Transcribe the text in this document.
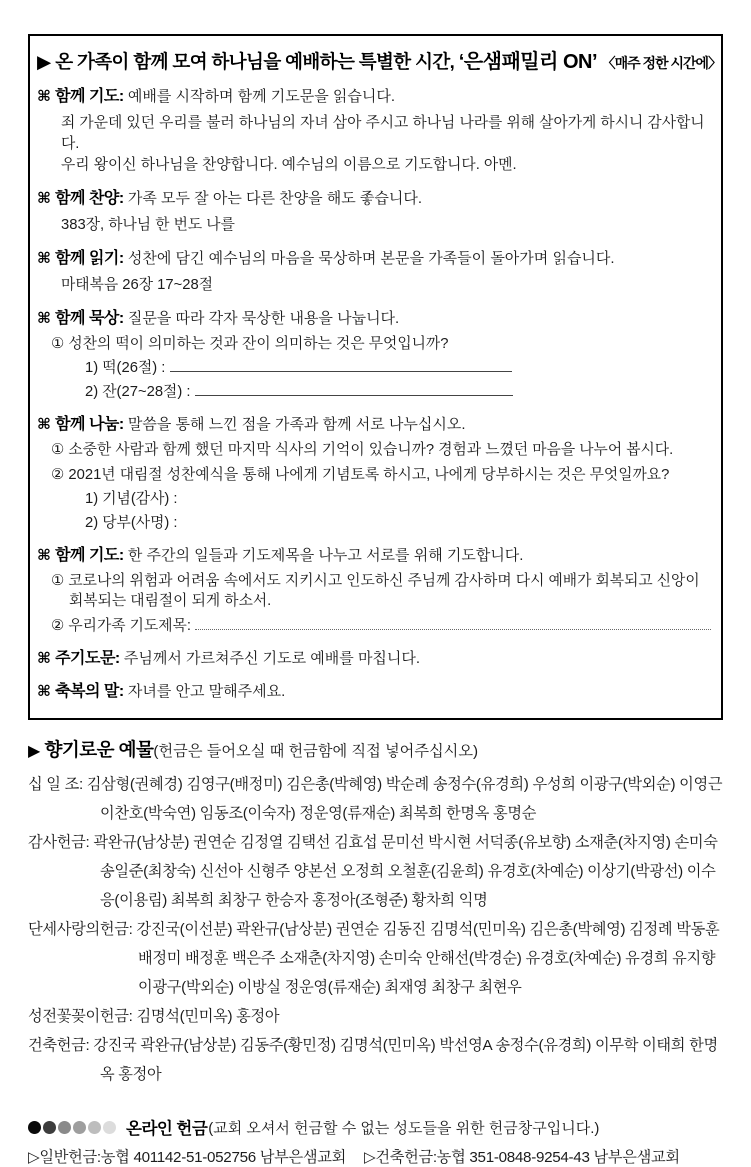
▶ 온 가족이 함께 모여 하나님을 예배하는 특별한 시간, ‘은샘패밀리 ON’ 〈매주 정한 시간에〉
⌘ 함께 기도: 예배를 시작하며 함께 기도문을 읽습니다.
죄 가운데 있던 우리를 불러 하나님의 자녀 삼아 주시고 하나님 나라를 위해 살아가게 하시니 감사합니다.
우리 왕이신 하나님을 찬양합니다. 예수님의 이름으로 기도합니다. 아멘.
⌘ 함께 찬양: 가족 모두 잘 아는 다른 찬양을 해도 좋습니다.
383장, 하나님 한 번도 나를
⌘ 함께 읽기: 성찬에 담긴 예수님의 마음을 묵상하며 본문을 가족들이 돌아가며 읽습니다.
마태복음 26장 17~28절
⌘ 함께 묵상: 질문을 따라 각자 묵상한 내용을 나눕니다.
① 성찬의 떡이 의미하는 것과 잔이 의미하는 것은 무엇입니까?
1) 떡(26절) :
2) 잔(27~28절) :
⌘ 함께 나눔: 말씀을 통해 느낀 점을 가족과 함께 서로 나누십시오.
① 소중한 사람과 함께 했던 마지막 식사의 기억이 있습니까? 경험과 느꼈던 마음을 나누어 봅시다.
② 2021년 대림절 성찬예식을 통해 나에게 기념토록 하시고, 나에게 당부하시는 것은 무엇일까요?
1) 기념(감사) :
2) 당부(사명) :
⌘ 함께 기도: 한 주간의 일들과 기도제목을 나누고 서로를 위해 기도합니다.
① 코로나의 위험과 어려움 속에서도 지키시고 인도하신 주님께 감사하며 다시 예배가 회복되고 신앙이 회복되는 대림절이 되게 하소서.
② 우리가족 기도제목:
⌘ 주기도문: 주님께서 가르쳐주신 기도로 예배를 마칩니다.
⌘ 축복의 말: 자녀를 안고 말해주세요.
▶ 향기로운 예물(헌금은 들어오실 때 헌금함에 직접 넣어주십시오)
십 일 조: 김삼형(권혜경) 김영구(배정미) 김은총(박혜영) 박순례 송정수(유경희) 우성희 이광구(박외순) 이영근 이찬호(박숙연) 임동조(이숙자) 정운영(류재순) 최복희 한명옥 홍명순
감사헌금: 곽완규(남상분) 권연순 김정열 김택선 김효섭 문미선 박시현 서덕종(유보향) 소재춘(차지영) 손미숙 송일준(최창숙) 신선아 신형주 양본선 오정희 오철훈(김윤희) 유경호(차예순) 이상기(박광선) 이수응(이용림) 최복희 최창구 한승자 홍정아(조형준) 황차희 익명
단세사랑의헌금: 강진국(이선분) 곽완규(남상분) 권연순 김동진 김명석(민미옥) 김은총(박혜영) 김정례 박동훈 배정미 배정훈 백은주 소재춘(차지영) 손미숙 안해선(박경순) 유경호(차예순) 유경희 유지향 이광구(박외순) 이방실 정운영(류재순) 최재영 최창구 최현우
성전꽃꽂이헌금: 김명석(민미옥) 홍정아
건축헌금: 강진국 곽완규(남상분) 김동주(황민정) 김명석(민미옥) 박선영A 송정수(유경희) 이무학 이태희 한명옥 홍정아
온라인 헌금 (교회 오셔서 헌금할 수 없는 성도들을 위한 헌금창구입니다.)
▷일반헌금:농협 401142-51-052756 남부은샘교회 ▷건축헌금:농협 351-0848-9254-43 남부은샘교회
